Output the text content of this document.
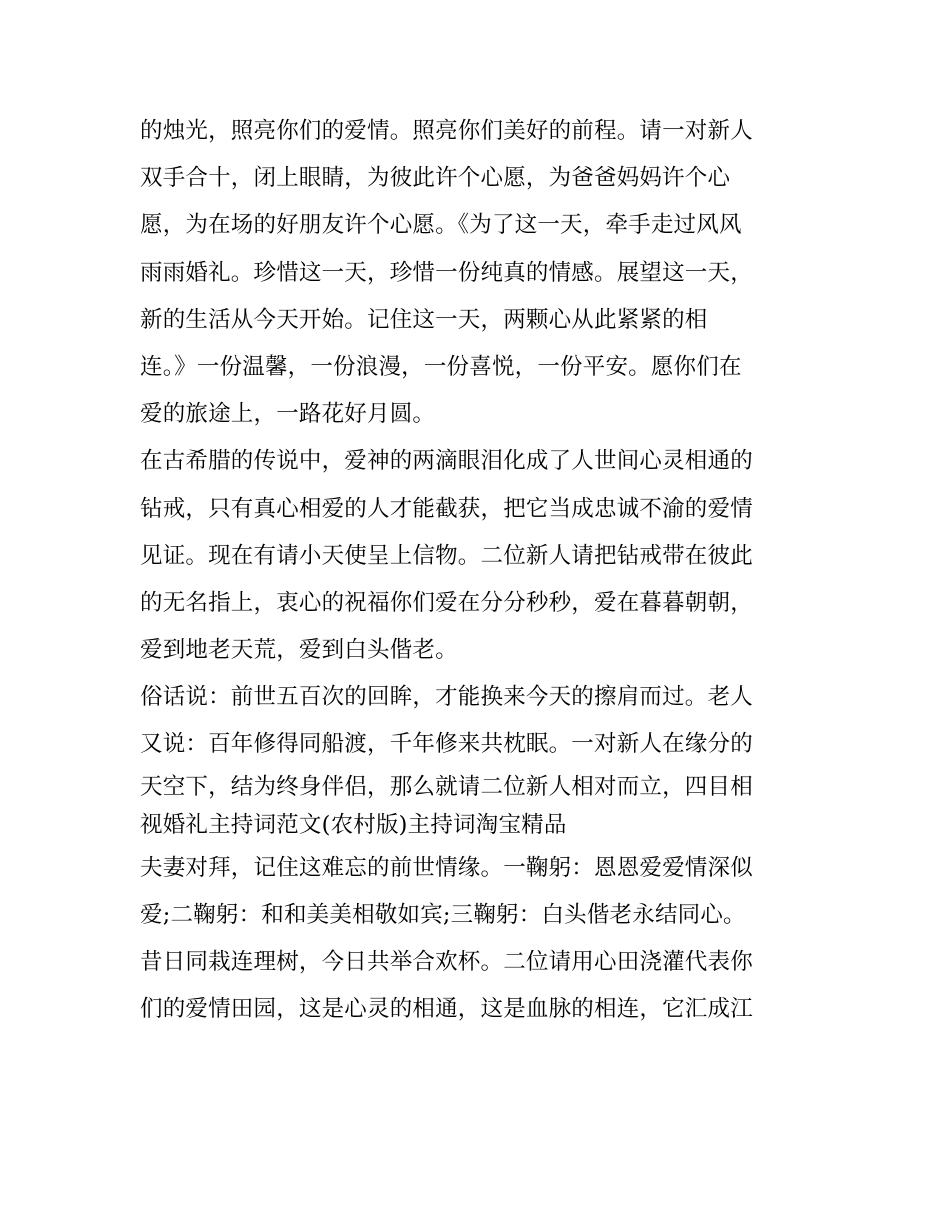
的烛光，照亮你们的爱情。照亮你们美好的前程。请一对新人
双手合十，闭上眼睛，为彼此许个心愿，为爸爸妈妈许个心
愿，为在场的好朋友许个心愿。《为了这一天，牵手走过风风
雨雨婚礼。珍惜这一天，珍惜一份纯真的情感。展望这一天，
新的生活从今天开始。记住这一天，两颗心从此紧紧的相
连。》一份温馨，一份浪漫，一份喜悦，一份平安。愿你们在
爱的旅途上，一路花好月圆。
在古希腊的传说中，爱神的两滴眼泪化成了人世间心灵相通的
钻戒，只有真心相爱的人才能截获，把它当成忠诚不渝的爱情
见证。现在有请小天使呈上信物。二位新人请把钻戒带在彼此
的无名指上，衷心的祝福你们爱在分分秒秒，爱在暮暮朝朝，
爱到地老天荒，爱到白头偕老。
俗话说：前世五百次的回眸，才能换来今天的擦肩而过。老人
又说：百年修得同船渡，千年修来共枕眠。一对新人在缘分的
天空下，结为终身伴侣，那么就请二位新人相对而立，四目相
视婚礼主持词范文(农村版)主持词淘宝精品
夫妻对拜，记住这难忘的前世情缘。一鞠躬：恩恩爱爱情深似
爱;二鞠躬：和和美美相敬如宾;三鞠躬：白头偕老永结同心。
昔日同栽连理树，今日共举合欢杯。二位请用心田浇灌代表你
们的爱情田园，这是心灵的相通，这是血脉的相连，它汇成江
